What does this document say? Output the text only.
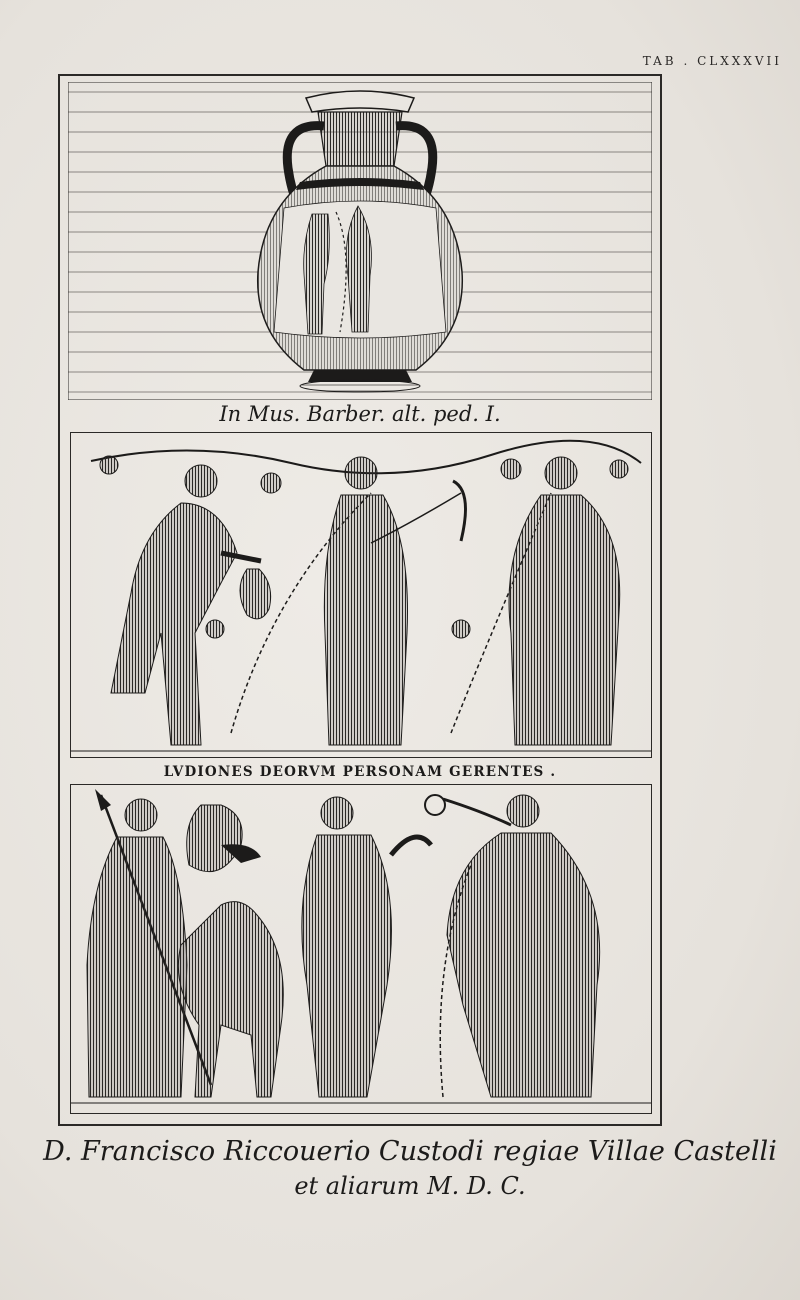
TAB . CLXXXVII
In Mus. Barber. alt. ped. I.
LVDIONES DEORVM PERSONAM GERENTES .
D. Francisco Riccouerio Custodi regiae Villae Castelli
et aliarum M. D. C.
